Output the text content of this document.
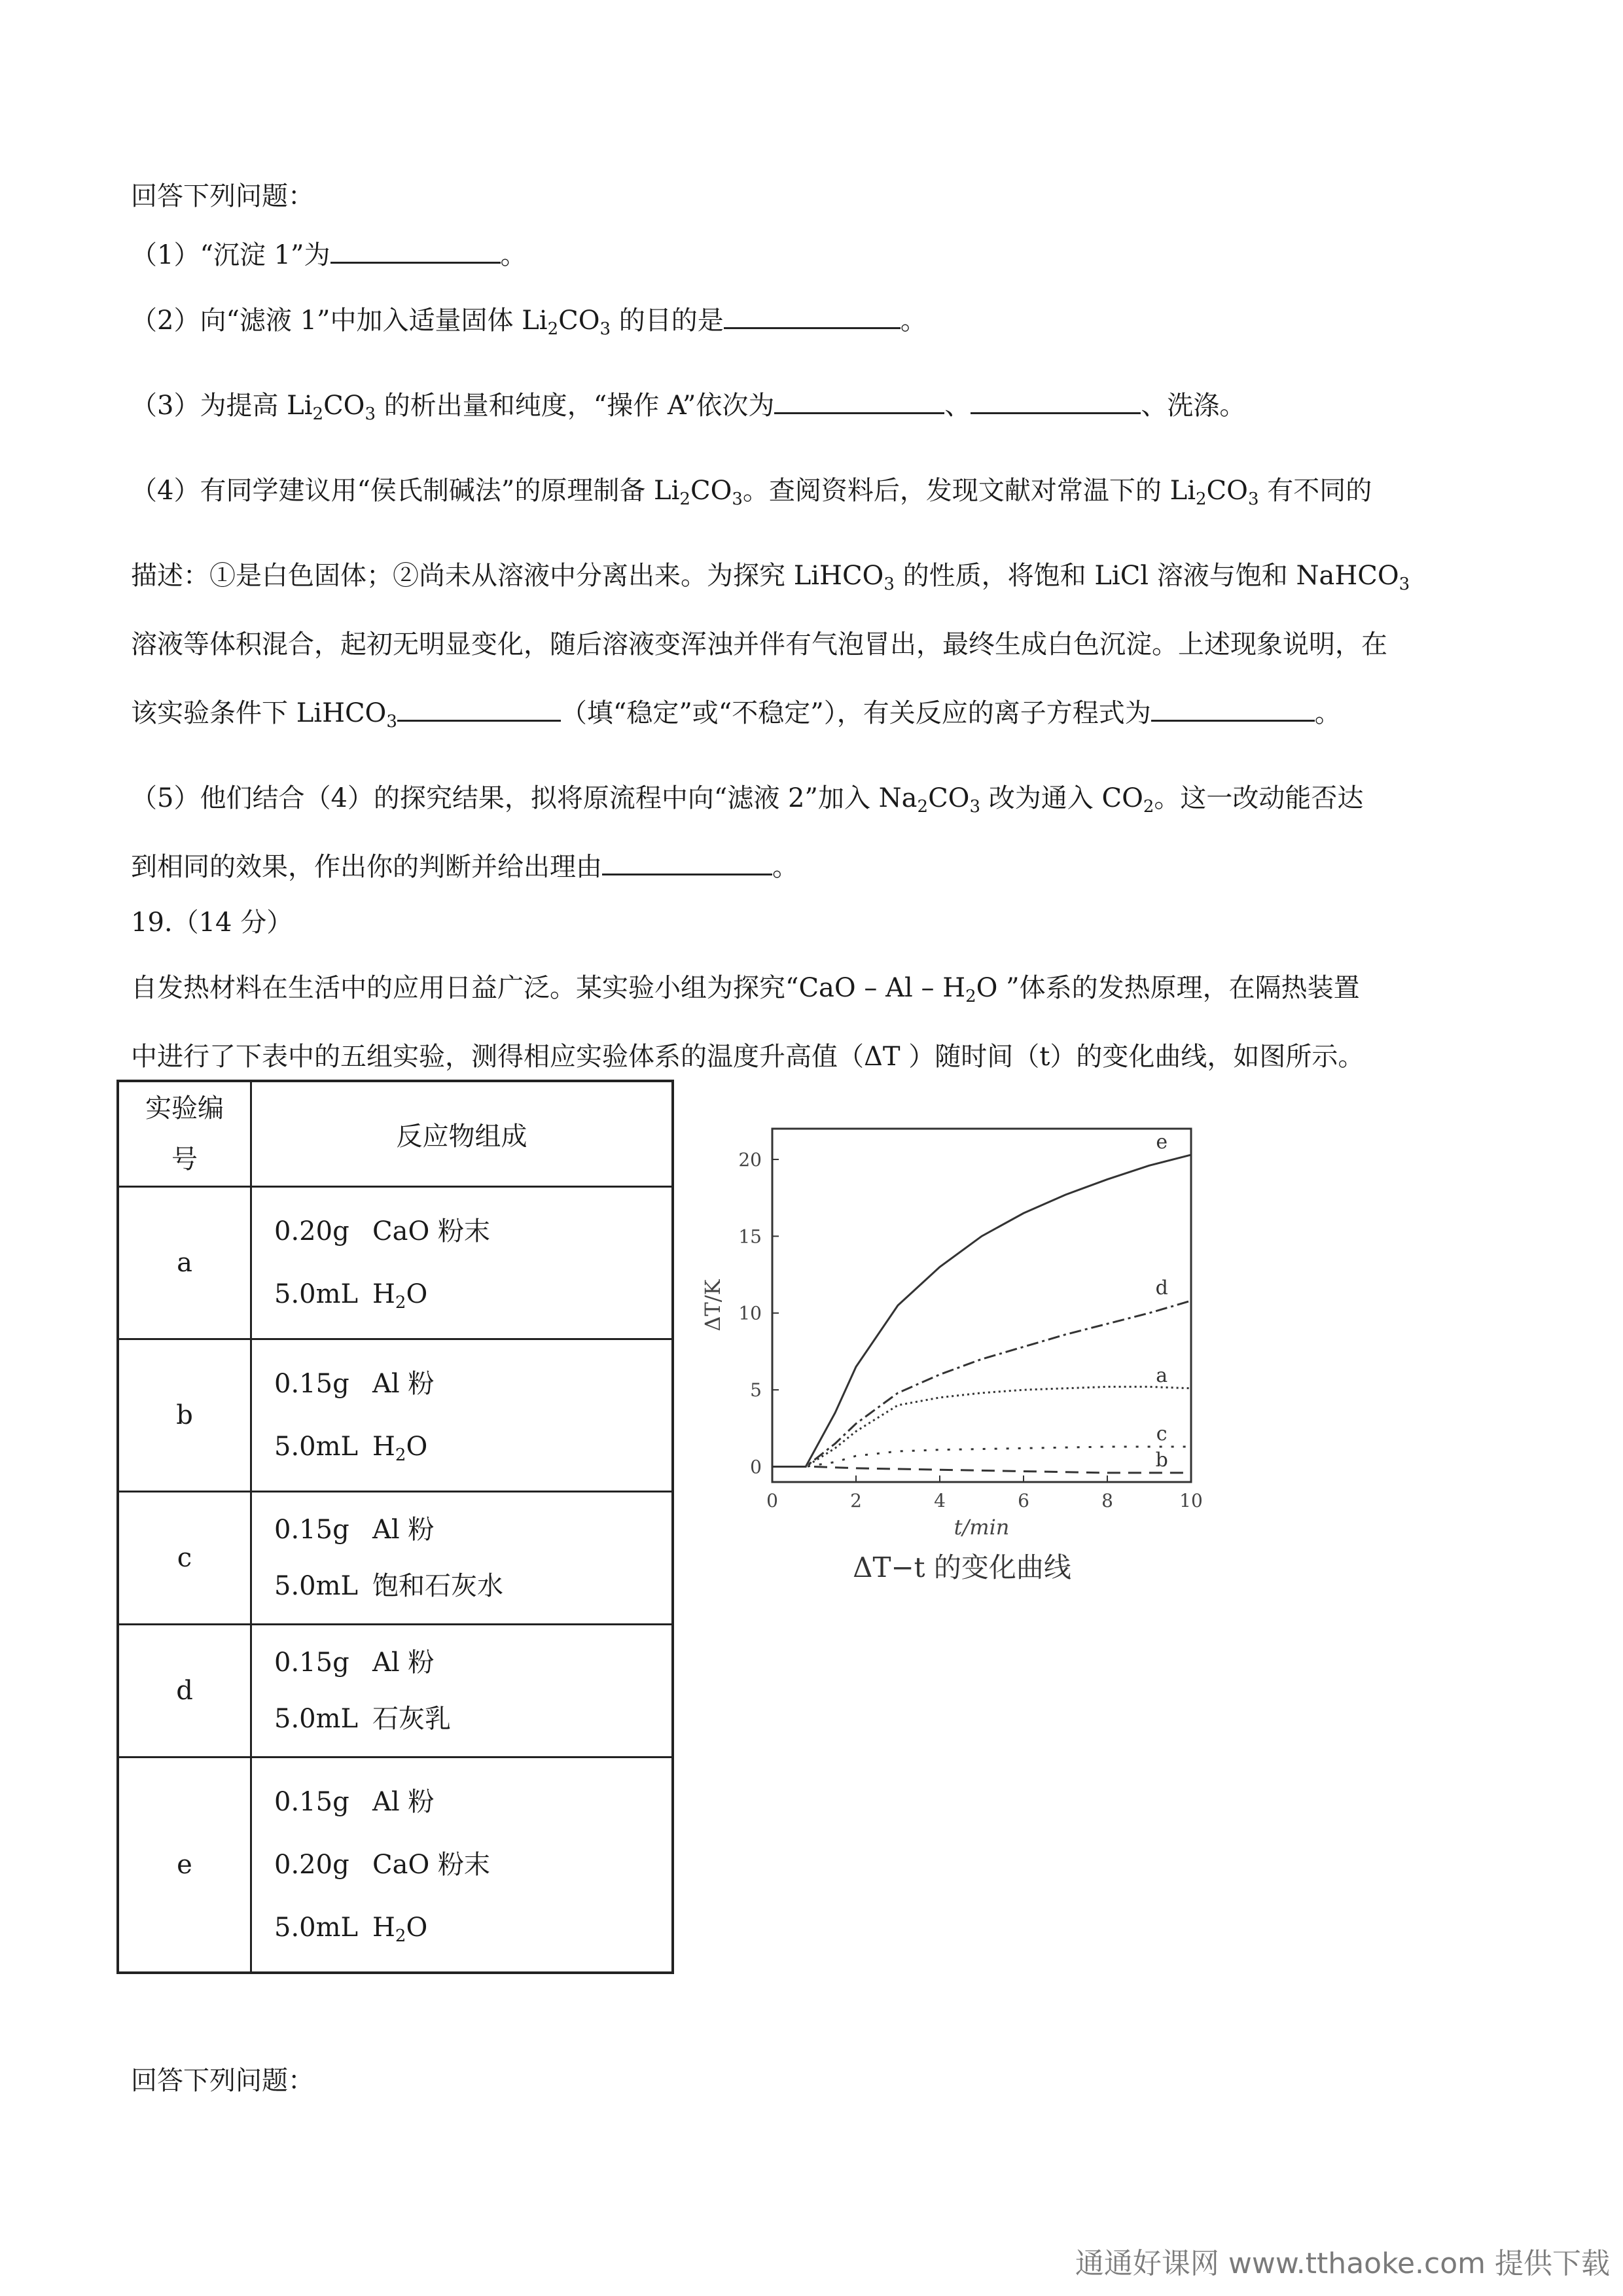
回答下列问题：
（1）“沉淀 1”为	。
（2）向“滤液 1”中加入适量固体 $Li_2CO_3$ 的目的是	。
（3）为提高 $Li_2CO_3$ 的析出量和纯度，“操作 A”依次为	、	、洗涤。
（4）有同学建议用“侯氏制碱法”的原理制备 $Li_2CO_3$。查阅资料后，发现文献对常温下的 $Li_2CO_3$ 有不同的
描述：①是白色固体；②尚未从溶液中分离出来。为探究 LiHCO$_3$ 的性质，将饱和 LiCl 溶液与饱和 NaHCO$_3$
溶液等体积混合，起初无明显变化，随后溶液变浑浊并伴有气泡冒出，最终生成白色沉淀。上述现象说明，在
该实验条件下 LiHCO$_3$	（填“稳定”或“不稳定”），有关反应的离子方程式为	。
（5）他们结合（4）的探究结果，拟将原流程中向“滤液 2”加入 $Na_2CO_3$ 改为通入 $CO_2$。这一改动能否达
到相同的效果，作出你的判断并给出理由	。
19.（14 分）
自发热材料在生活中的应用日益广泛。某实验小组为探究“CaO – Al – $H_2O$ ”体系的发热原理，在隔热装置
中进行了下表中的五组实验，测得相应实验体系的温度升高值（ΔT ）随时间（t）的变化曲线，如图所示。
实验编
号	反应物组成
a	0.20g CaO 粉末
5.0mL $H_2O$

b	0.15g Al 粉
5.0mL $H_2O$

c	0.15g Al 粉
5.0mL 饱和石灰水

d	0.15g Al 粉
5.0mL 石灰乳

e	0.15g Al 粉
0.20g CaO 粉末
5.0mL $H_2O$
0	2	4	6	8	10
0
5
10
15
20
t/min
ΔT/K
ΔT−t 的变化曲线
e
d
a
c
b
回答下列问题：
通通好课网 www.tthaoke.com 提供下载
